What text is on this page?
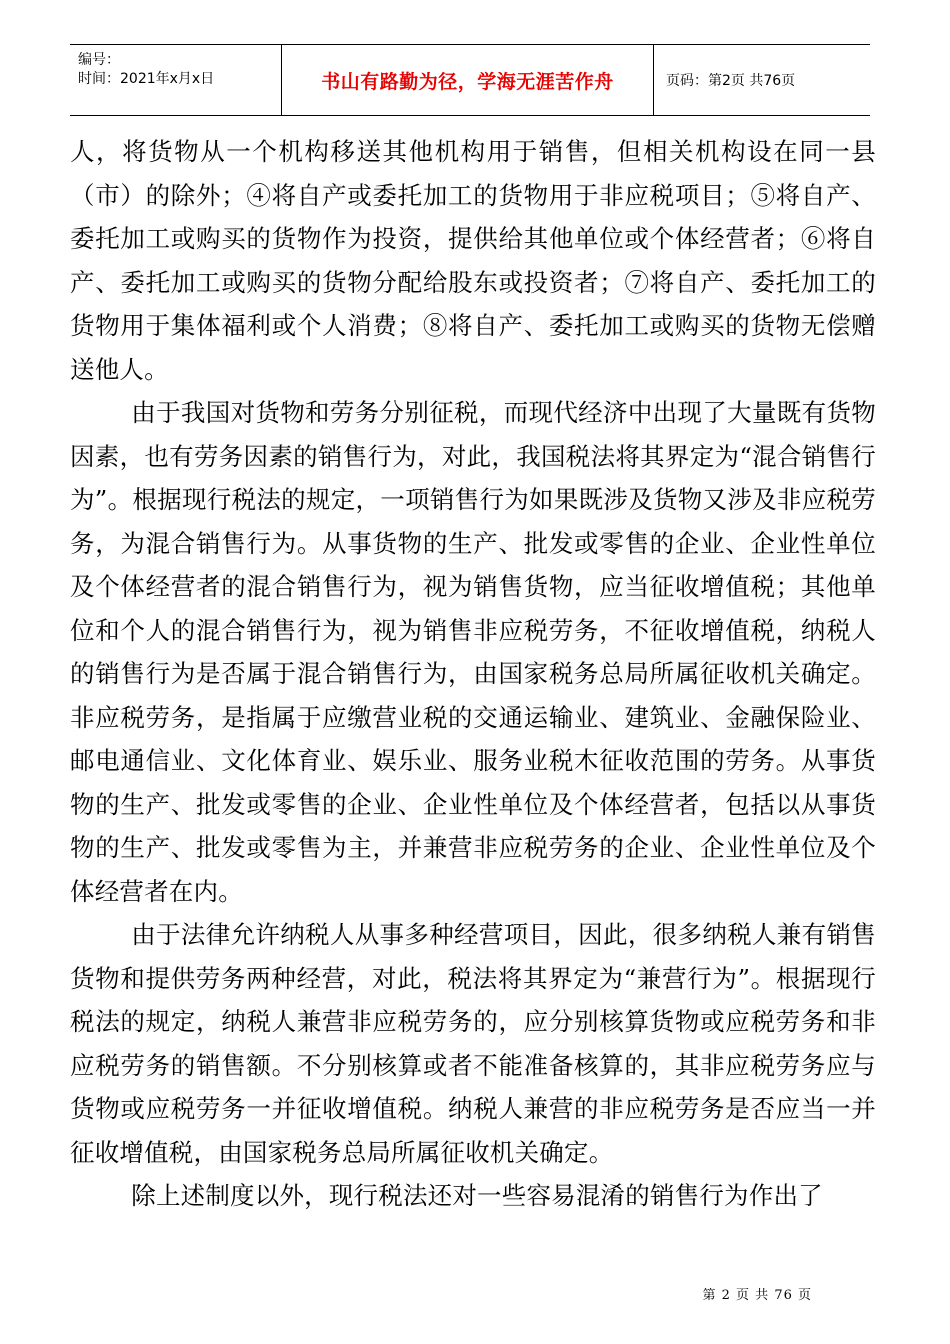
编号：
时间：2021年x月x日	书山有路勤为径，学海无涯苦作舟	页码：第2页 共76页

人，将货物从一个机构移送其他机构用于销售，但相关机构设在同一县（市）的除外；④将自产或委托加工的货物用于非应税项目；⑤将自产、委托加工或购买的货物作为投资，提供给其他单位或个体经营者；⑥将自产、委托加工或购买的货物分配给股东或投资者；⑦将自产、委托加工的货物用于集体福利或个人消费；⑧将自产、委托加工或购买的货物无偿赠送他人。

由于我国对货物和劳务分别征税，而现代经济中出现了大量既有货物因素，也有劳务因素的销售行为，对此，我国税法将其界定为“混合销售行为”。根据现行税法的规定，一项销售行为如果既涉及货物又涉及非应税劳务，为混合销售行为。从事货物的生产、批发或零售的企业、企业性单位及个体经营者的混合销售行为，视为销售货物，应当征收增值税；其他单位和个人的混合销售行为，视为销售非应税劳务，不征收增值税，纳税人的销售行为是否属于混合销售行为，由国家税务总局所属征收机关确定。非应税劳务，是指属于应缴营业税的交通运输业、建筑业、金融保险业、邮电通信业、文化体育业、娱乐业、服务业税木征收范围的劳务。从事货物的生产、批发或零售的企业、企业性单位及个体经营者，包括以从事货物的生产、批发或零售为主，并兼营非应税劳务的企业、企业性单位及个体经营者在内。

由于法律允许纳税人从事多种经营项目，因此，很多纳税人兼有销售货物和提供劳务两种经营，对此，税法将其界定为“兼营行为”。根据现行税法的规定，纳税人兼营非应税劳务的，应分别核算货物或应税劳务和非应税劳务的销售额。不分别核算或者不能准备核算的，其非应税劳务应与货物或应税劳务一并征收增值税。纳税人兼营的非应税劳务是否应当一并征收增值税，由国家税务总局所属征收机关确定。

除上述制度以外，现行税法还对一些容易混淆的销售行为作出了

第 2 页 共 76 页
